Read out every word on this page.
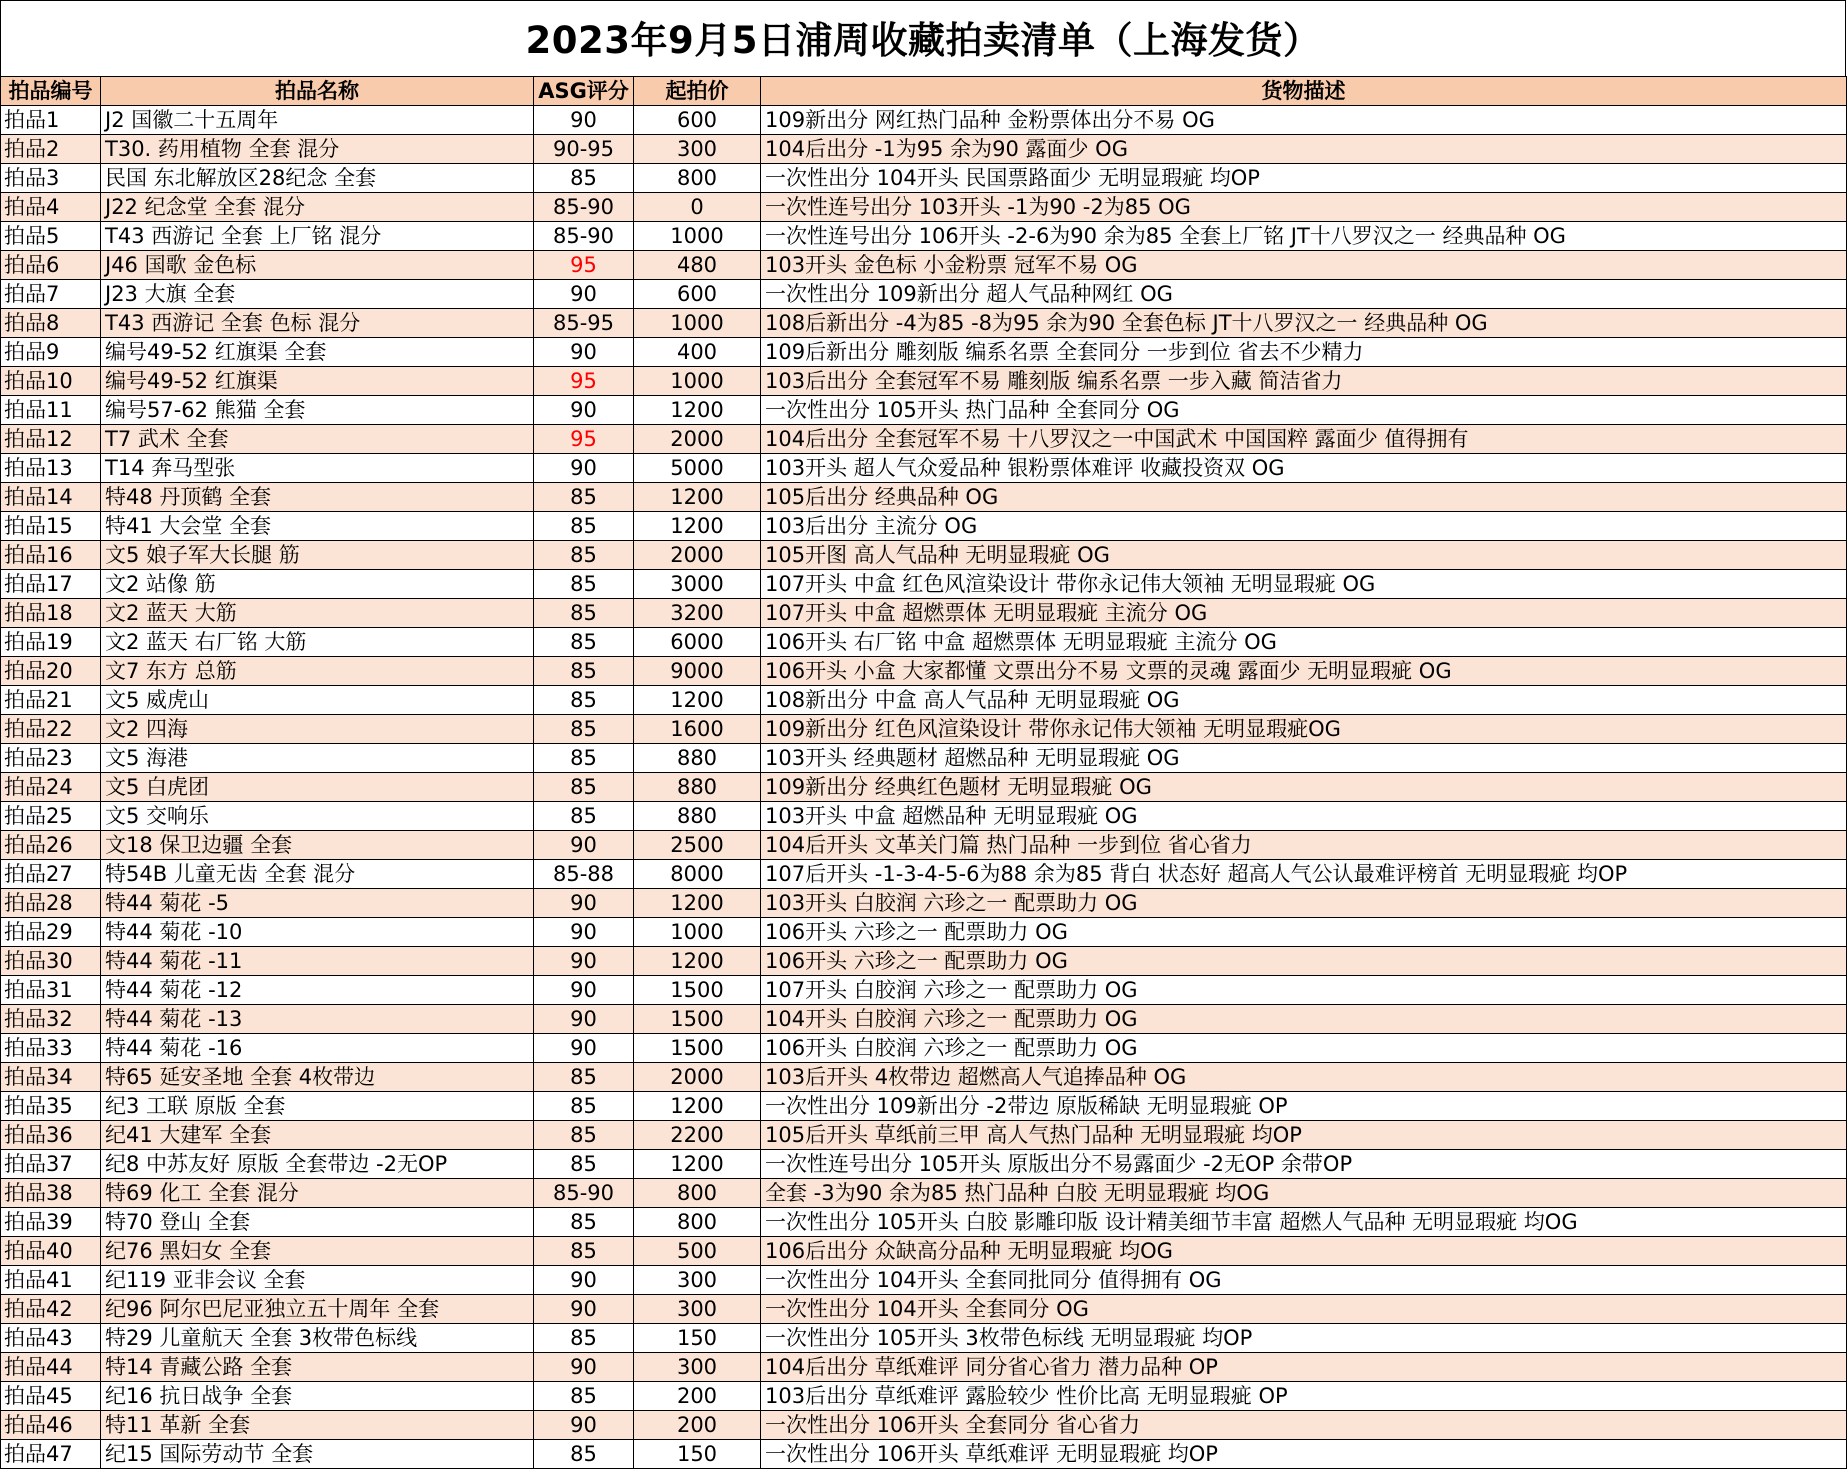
2023年9月5日浦周收藏拍卖清单（上海发货）
拍品编号	拍品名称	ASG评分	起拍价	货物描述
拍品1	J2 国徽二十五周年	90	600	109新出分 网红热门品种 金粉票体出分不易 OG
拍品2	T30. 药用植物 全套 混分	90-95	300	104后出分 -1为95 余为90 露面少 OG
拍品3	民国 东北解放区28纪念 全套	85	800	一次性出分 104开头 民国票路面少 无明显瑕疵 均OP
拍品4	J22 纪念堂 全套 混分	85-90	0	一次性连号出分 103开头 -1为90 -2为85 OG
拍品5	T43 西游记 全套 上厂铭 混分	85-90	1000	一次性连号出分 106开头 -2-6为90 余为85 全套上厂铭 JT十八罗汉之一 经典品种 OG
拍品6	J46 国歌 金色标	95	480	103开头 金色标 小金粉票 冠军不易 OG
拍品7	J23 大旗 全套	90	600	一次性出分 109新出分 超人气品种网红 OG
拍品8	T43 西游记 全套 色标 混分	85-95	1000	108后新出分 -4为85 -8为95 余为90 全套色标 JT十八罗汉之一 经典品种 OG
拍品9	编号49-52 红旗渠 全套	90	400	109后新出分 雕刻版 编系名票 全套同分 一步到位 省去不少精力
拍品10	编号49-52 红旗渠	95	1000	103后出分 全套冠军不易 雕刻版 编系名票 一步入藏 简洁省力
拍品11	编号57-62 熊猫 全套	90	1200	一次性出分 105开头 热门品种 全套同分 OG
拍品12	T7 武术 全套	95	2000	104后出分 全套冠军不易 十八罗汉之一中国武术 中国国粹 露面少 值得拥有
拍品13	T14 奔马型张	90	5000	103开头 超人气众爱品种 银粉票体难评 收藏投资双 OG
拍品14	特48 丹顶鹤 全套	85	1200	105后出分 经典品种 OG
拍品15	特41 大会堂 全套	85	1200	103后出分 主流分 OG
拍品16	文5 娘子军大长腿 筋	85	2000	105开图 高人气品种 无明显瑕疵 OG
拍品17	文2 站像 筋	85	3000	107开头 中盒 红色风渲染设计 带你永记伟大领袖 无明显瑕疵 OG
拍品18	文2 蓝天 大筋	85	3200	107开头 中盒 超燃票体 无明显瑕疵 主流分 OG
拍品19	文2 蓝天 右厂铭 大筋	85	6000	106开头 右厂铭 中盒 超燃票体 无明显瑕疵 主流分 OG
拍品20	文7 东方 总筋	85	9000	106开头 小盒 大家都懂 文票出分不易 文票的灵魂 露面少 无明显瑕疵 OG
拍品21	文5 威虎山	85	1200	108新出分 中盒 高人气品种 无明显瑕疵 OG
拍品22	文2 四海	85	1600	109新出分 红色风渲染设计 带你永记伟大领袖 无明显瑕疵OG
拍品23	文5 海港	85	880	103开头 经典题材 超燃品种 无明显瑕疵 OG
拍品24	文5 白虎团	85	880	109新出分 经典红色题材 无明显瑕疵 OG
拍品25	文5 交响乐	85	880	103开头 中盒 超燃品种 无明显瑕疵 OG
拍品26	文18 保卫边疆 全套	90	2500	104后开头 文革关门篇 热门品种 一步到位 省心省力
拍品27	特54B 儿童无齿 全套 混分	85-88	8000	107后开头 -1-3-4-5-6为88 余为85 背白 状态好 超高人气公认最难评榜首 无明显瑕疵 均OP
拍品28	特44 菊花 -5	90	1200	103开头 白胶润 六珍之一 配票助力 OG
拍品29	特44 菊花 -10	90	1000	106开头 六珍之一 配票助力 OG
拍品30	特44 菊花 -11	90	1200	106开头 六珍之一 配票助力 OG
拍品31	特44 菊花 -12	90	1500	107开头 白胶润 六珍之一 配票助力 OG
拍品32	特44 菊花 -13	90	1500	104开头 白胶润 六珍之一 配票助力 OG
拍品33	特44 菊花 -16	90	1500	106开头 白胶润 六珍之一 配票助力 OG
拍品34	特65 延安圣地 全套 4枚带边	85	2000	103后开头 4枚带边 超燃高人气追捧品种 OG
拍品35	纪3 工联 原版 全套	85	1200	一次性出分 109新出分 -2带边 原版稀缺 无明显瑕疵 OP
拍品36	纪41 大建军 全套	85	2200	105后开头 草纸前三甲 高人气热门品种 无明显瑕疵 均OP
拍品37	纪8 中苏友好 原版 全套带边 -2无OP	85	1200	一次性连号出分 105开头 原版出分不易露面少 -2无OP 余带OP
拍品38	特69 化工 全套 混分	85-90	800	全套 -3为90 余为85 热门品种 白胶 无明显瑕疵 均OG
拍品39	特70 登山 全套	85	800	一次性出分 105开头 白胶 影雕印版 设计精美细节丰富 超燃人气品种 无明显瑕疵 均OG
拍品40	纪76 黑妇女 全套	85	500	106后出分 众缺高分品种 无明显瑕疵 均OG
拍品41	纪119 亚非会议 全套	90	300	一次性出分 104开头 全套同批同分 值得拥有 OG
拍品42	纪96 阿尔巴尼亚独立五十周年 全套	90	300	一次性出分 104开头 全套同分 OG
拍品43	特29 儿童航天 全套 3枚带色标线	85	150	一次性出分 105开头 3枚带色标线 无明显瑕疵 均OP
拍品44	特14 青藏公路 全套	90	300	104后出分 草纸难评 同分省心省力 潜力品种 OP
拍品45	纪16 抗日战争 全套	85	200	103后出分 草纸难评 露脸较少 性价比高 无明显瑕疵 OP
拍品46	特11 革新 全套	90	200	一次性出分 106开头 全套同分 省心省力
拍品47	纪15 国际劳动节 全套	85	150	一次性出分 106开头 草纸难评 无明显瑕疵 均OP
